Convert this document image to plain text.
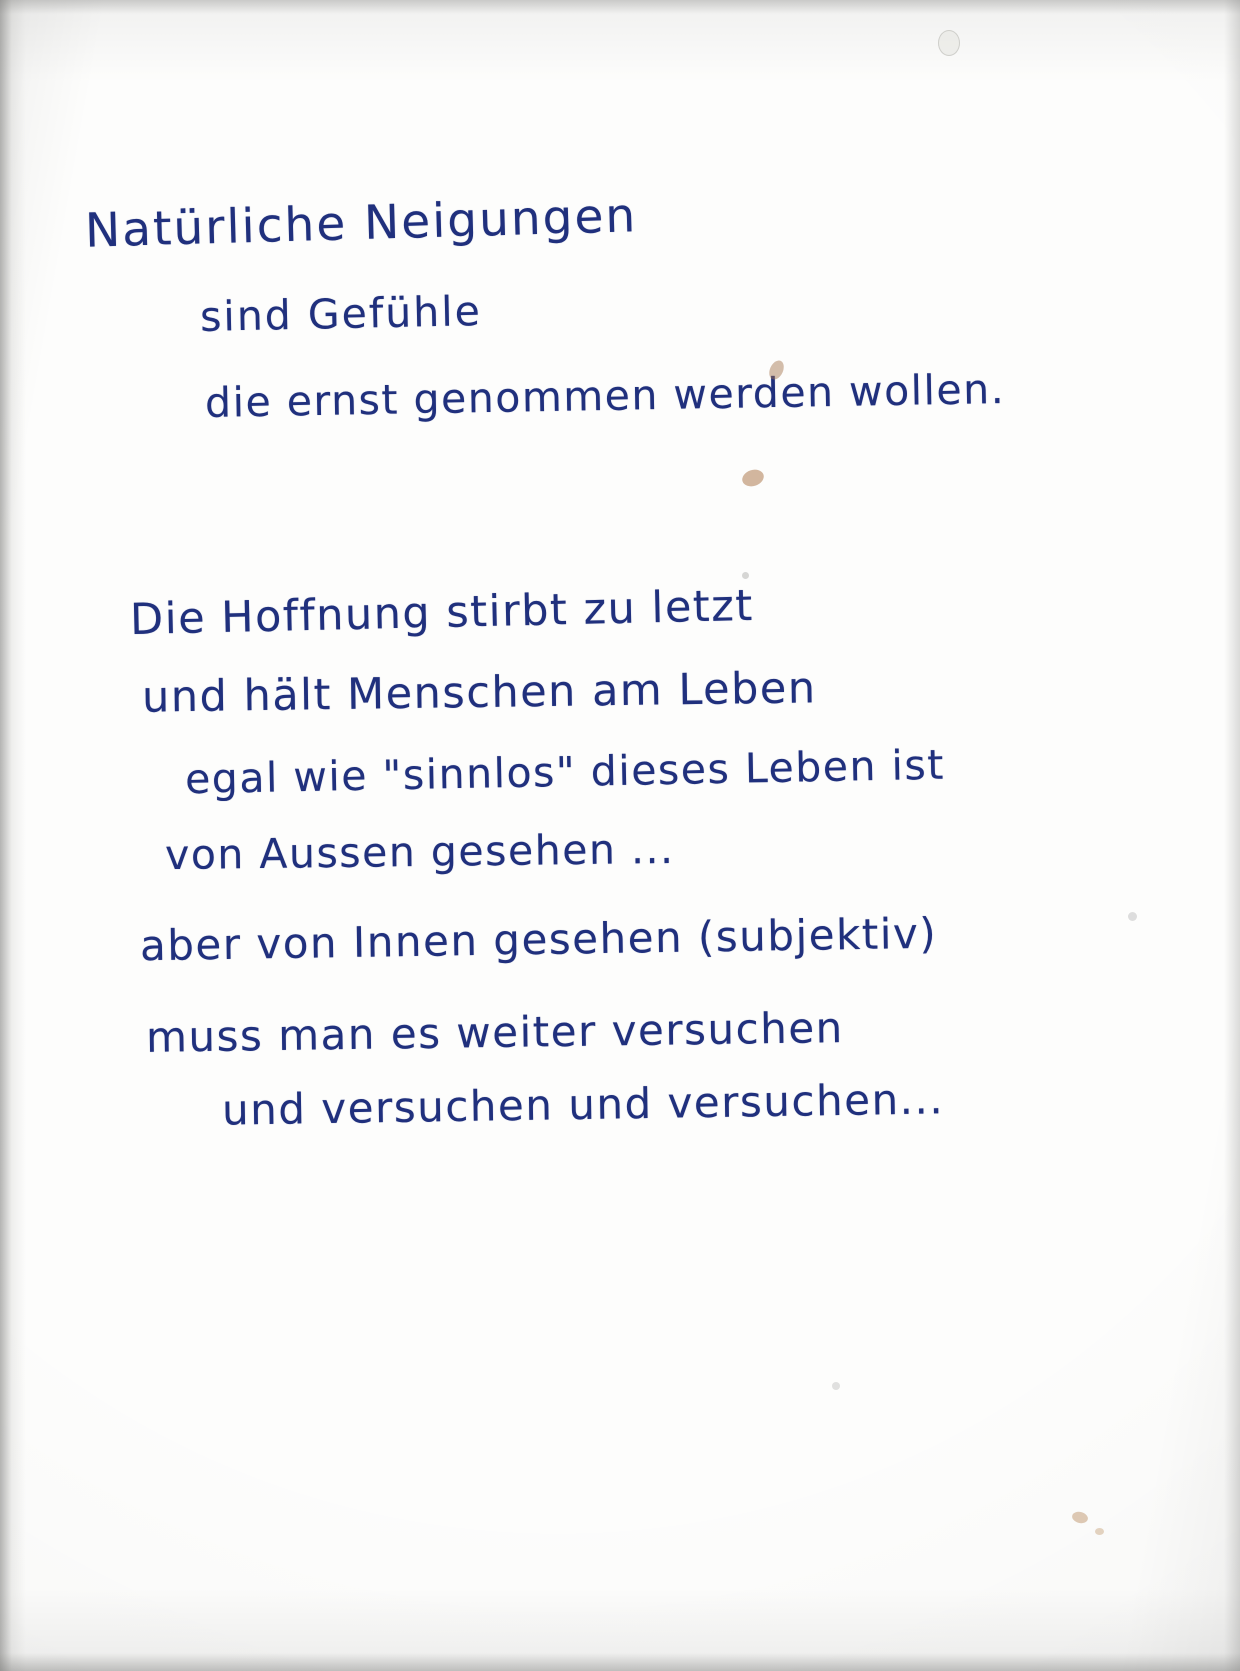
Natürliche Neigungen
sind Gefühle
die ernst genommen werden wollen.
Die Hoffnung stirbt zu letzt
und hält Menschen am Leben
egal wie "sinnlos" dieses Leben ist
von Aussen gesehen ...
aber von Innen gesehen (subjektiv)
muss man es weiter versuchen
und versuchen und versuchen...
